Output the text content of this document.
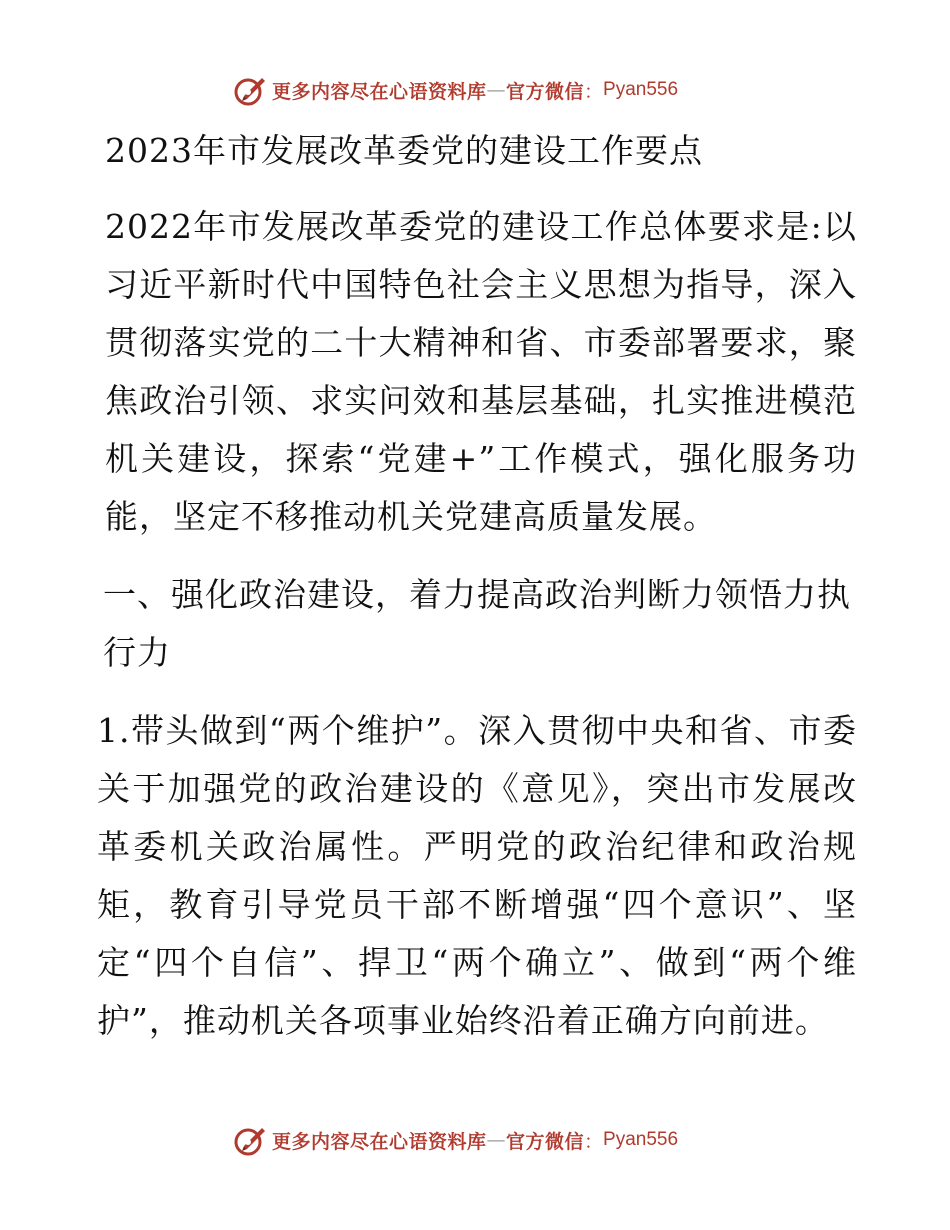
更多内容尽在心语资料库 — 官方微信 ： Pyan556

2023年市发展改革委党的建设工作要点

2022年市发展改革委党的建设工作总体要求是:以习近平新时代中国特色社会主义思想为指导，深入贯彻落实党的二十大精神和省、市委部署要求，聚焦政治引领、求实问效和基层基础，扎实推进模范机关建设，探索“党建+”工作模式，强化服务功能，坚定不移推动机关党建高质量发展。

一、强化政治建设，着力提高政治判断力领悟力执行力

1.带头做到“两个维护”。深入贯彻中央和省、市委关于加强党的政治建设的《意见》，突出市发展改革委机关政治属性。严明党的政治纪律和政治规矩，教育引导党员干部不断增强“四个意识”、坚定“四个自信”、捍卫“两个确立”、做到“两个维护”，推动机关各项事业始终沿着正确方向前进。

更多内容尽在心语资料库 — 官方微信 ： Pyan556
